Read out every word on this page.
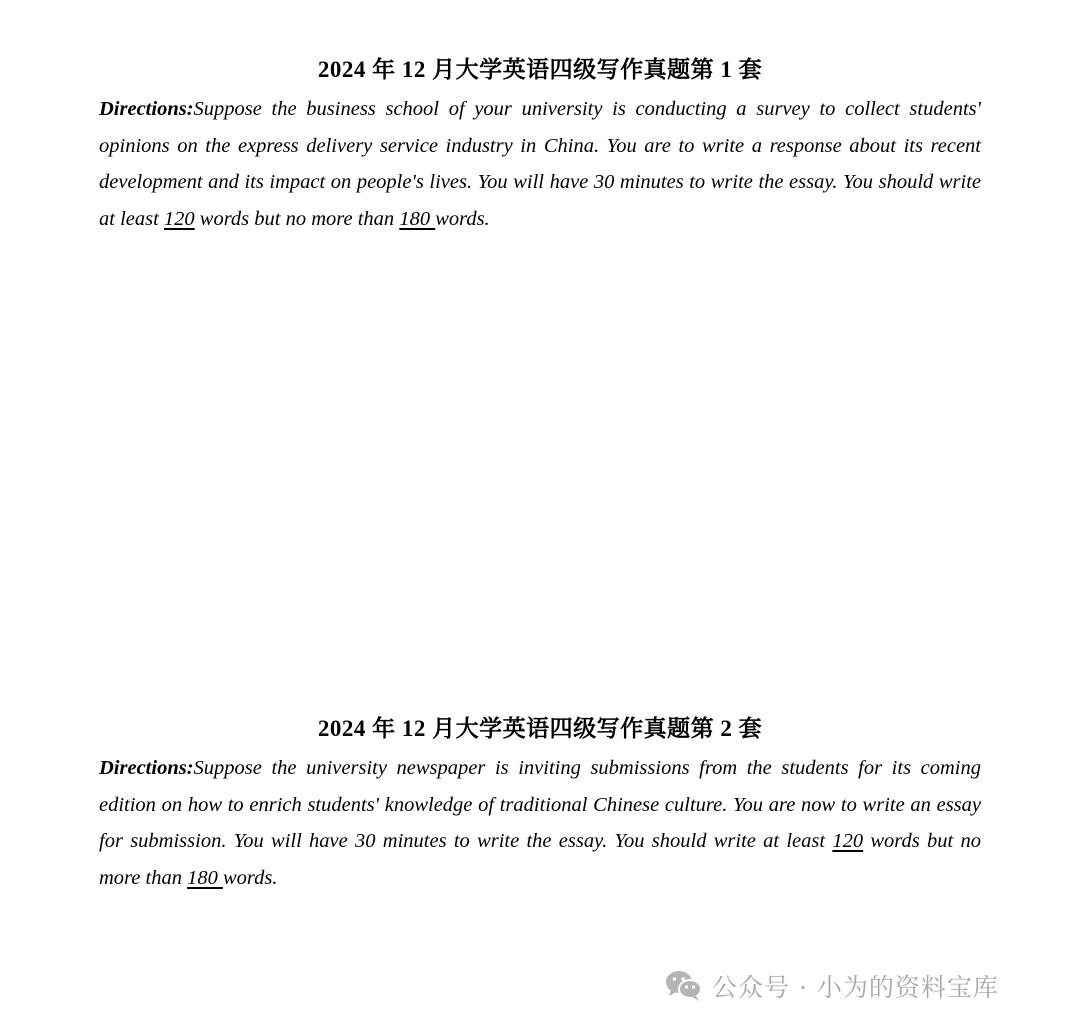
2024 年 12 月大学英语四级写作真题第 1 套

Directions:Suppose the business school of your university is conducting a survey to collect students' opinions on the express delivery service industry in China. You are to write a response about its recent development and its impact on people's lives. You will have 30 minutes to write the essay. You should write at least 120 words but no more than 180 words.

2024 年 12 月大学英语四级写作真题第 2 套

Directions:Suppose the university newspaper is inviting submissions from the students for its coming edition on how to enrich students' knowledge of traditional Chinese culture. You are now to write an essay for submission. You will have 30 minutes to write the essay. You should write at least 120 words but no more than 180 words.

公众号 · 小为的资料宝库
